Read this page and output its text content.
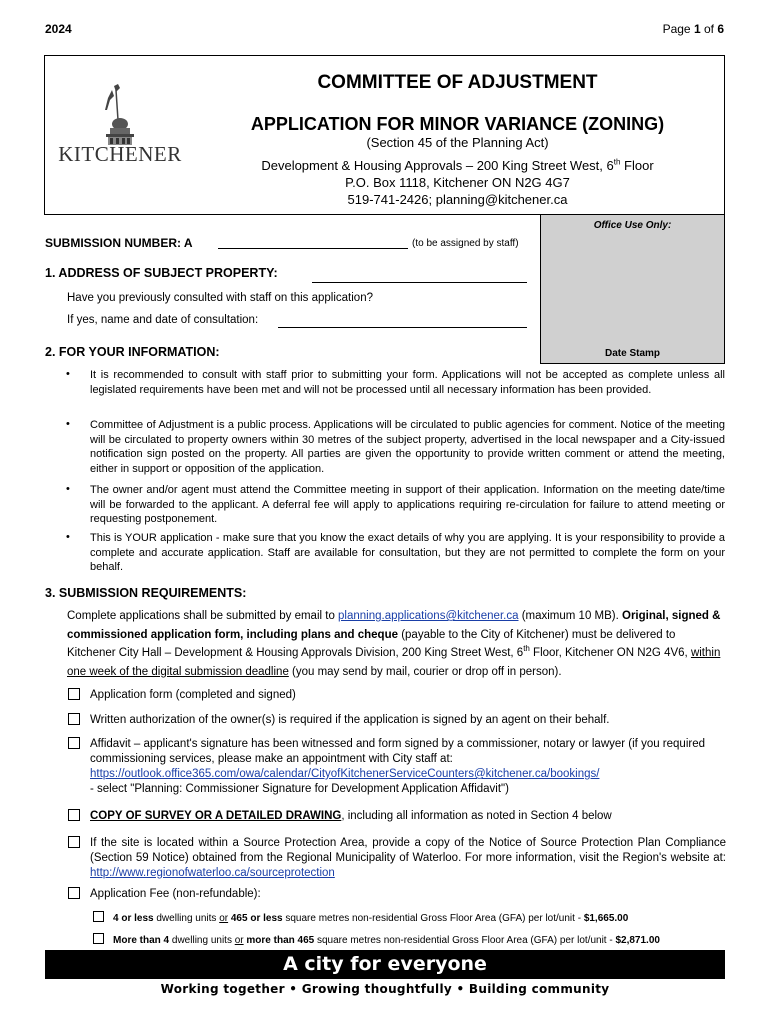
2024	Page 1 of 6
KITCHENER
COMMITTEE OF ADJUSTMENT
APPLICATION FOR MINOR VARIANCE (ZONING)
(Section 45 of the Planning Act)
Development & Housing Approvals – 200 King Street West, 6th Floor
P.O. Box 1118, Kitchener ON N2G 4G7
519-741-2426; planning@kitchener.ca
Office Use Only:
Date Stamp
SUBMISSION NUMBER: A	(to be assigned by staff)
1. ADDRESS OF SUBJECT PROPERTY:
Have you previously consulted with staff on this application?
If yes, name and date of consultation:
2. FOR YOUR INFORMATION:
• It is recommended to consult with staff prior to submitting your form. Applications will not be accepted as complete unless all legislated requirements have been met and will not be processed until all necessary information has been provided.
• Committee of Adjustment is a public process. Applications will be circulated to public agencies for comment. Notice of the meeting will be circulated to property owners within 30 metres of the subject property, advertised in the local newspaper and a City-issued notification sign posted on the property. All parties are given the opportunity to provide written comment or attend the meeting, either in support or opposition of the application.
• The owner and/or agent must attend the Committee meeting in support of their application. Information on the meeting date/time will be forwarded to the applicant. A deferral fee will apply to applications requiring re-circulation for failure to attend meeting or requesting postponement.
• This is YOUR application - make sure that you know the exact details of why you are applying. It is your responsibility to provide a complete and accurate application. Staff are available for consultation, but they are not permitted to complete the form on your behalf.
3. SUBMISSION REQUIREMENTS:
Complete applications shall be submitted by email to planning.applications@kitchener.ca (maximum 10 MB). Original, signed & commissioned application form, including plans and cheque (payable to the City of Kitchener) must be delivered to Kitchener City Hall – Development & Housing Approvals Division, 200 King Street West, 6th Floor, Kitchener ON N2G 4V6, within one week of the digital submission deadline (you may send by mail, courier or drop off in person).
Application form (completed and signed)
Written authorization of the owner(s) is required if the application is signed by an agent on their behalf.
Affidavit – applicant's signature has been witnessed and form signed by a commissioner, notary or lawyer (if you required commissioning services, please make an appointment with City staff at:
https://outlook.office365.com/owa/calendar/CityofKitchenerServiceCounters@kitchener.ca/bookings/
- select "Planning: Commissioner Signature for Development Application Affidavit")
COPY OF SURVEY OR A DETAILED DRAWING, including all information as noted in Section 4 below
If the site is located within a Source Protection Area, provide a copy of the Notice of Source Protection Plan Compliance (Section 59 Notice) obtained from the Regional Municipality of Waterloo. For more information, visit the Region's website at: http://www.regionofwaterloo.ca/sourceprotection
Application Fee (non-refundable):
4 or less dwelling units or 465 or less square metres non-residential Gross Floor Area (GFA) per lot/unit - $1,665.00
More than 4 dwelling units or more than 465 square metres non-residential Gross Floor Area (GFA) per lot/unit - $2,871.00
A city for everyone
Working together • Growing thoughtfully • Building community
